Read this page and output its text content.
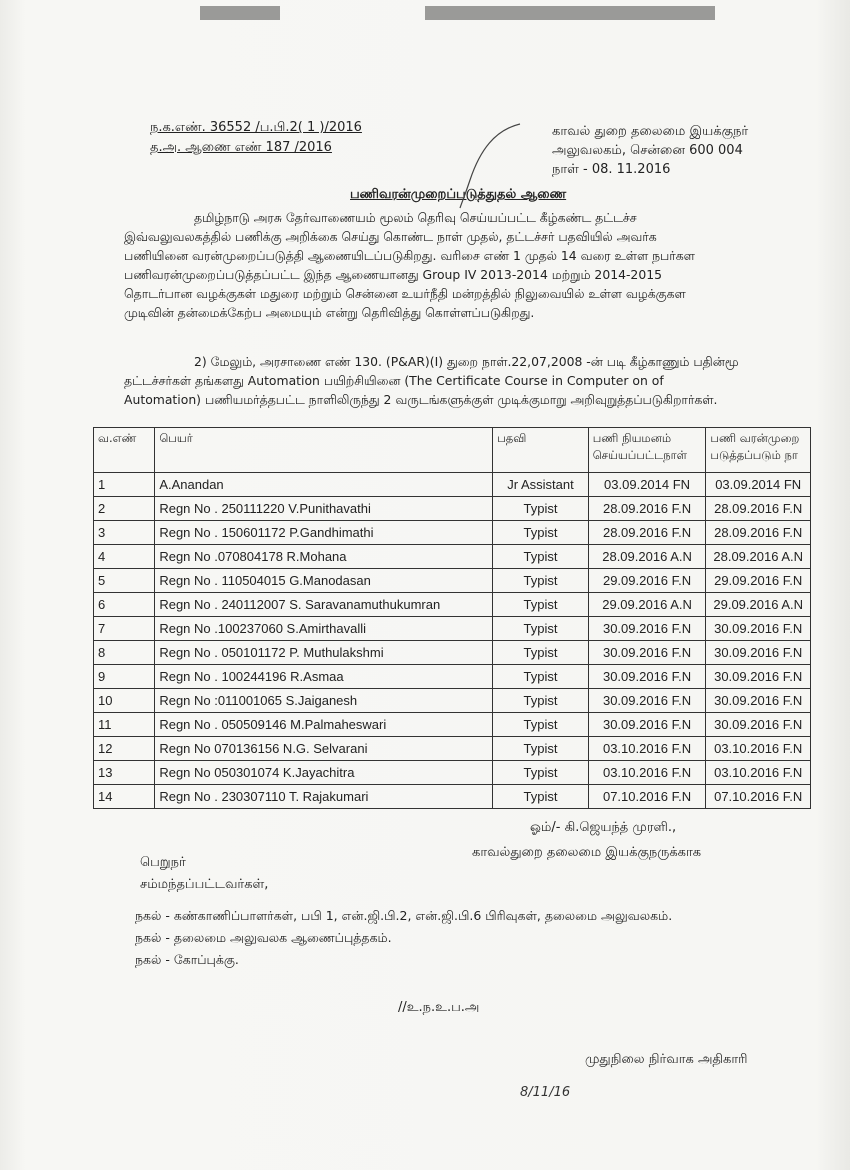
ந.க.எண். 36552 /ப.பி.2( 1 )/2016
த.அ. ஆணை எண் 187 /2016
காவல் துறை தலைமை இயக்குநர்
அலுவலகம், சென்னை 600 004
நாள் - 08. 11.2016
பணிவரன்முறைப்படுத்துதல் ஆணை

தமிழ்நாடு அரசு தேர்வாணையம் மூலம் தெரிவு செய்யப்பட்ட கீழ்கண்ட தட்டச்ச

இவ்வலுவலகத்தில் பணிக்கு அறிக்கை செய்து கொண்ட நாள் முதல், தட்டச்சர் பதவியில் அவர்க

பணியினை வரன்முறைப்படுத்தி ஆணையிடப்படுகிறது. வரிசை எண் 1 முதல் 14 வரை உள்ள நபர்கள

பணிவரன்முறைப்படுத்தப்பட்ட இந்த ஆணையானது Group IV 2013-2014 மற்றும் 2014-2015

தொடர்பான வழக்குகள் மதுரை மற்றும் சென்னை உயர்நீதி மன்றத்தில் நிலுவையில் உள்ள வழக்குகள

முடிவின் தன்மைக்கேற்ப அமையும் என்று தெரிவித்து கொள்ளப்படுகிறது.

2) மேலும், அரசாணை எண் 130. (P&AR)(I) துறை நாள்.22,07,2008 -ன் படி கீழ்காணும் பதின்மூ

தட்டச்சர்கள் தங்களது Automation பயிற்சியினை (The Certificate Course in Computer on of

Automation) பணியமர்த்தபட்ட நாளிலிருந்து 2 வருடங்களுக்குள் முடிக்குமாறு அறிவுறுத்தப்படுகிறார்கள்.

வ.எண்	பெயர்	பதவி	பணி நியமனம் செய்யப்பட்டநாள்	பணி வரன்முறை படுத்தப்படும் நா
1	A.Anandan	Jr Assistant	03.09.2014 FN	03.09.2014 FN
2	Regn No . 250111220 V.Punithavathi	Typist	28.09.2016 F.N	28.09.2016 F.N
3	Regn No . 150601172 P.Gandhimathi	Typist	28.09.2016 F.N	28.09.2016 F.N
4	Regn No .070804178 R.Mohana	Typist	28.09.2016 A.N	28.09.2016 A.N
5	Regn No . 110504015 G.Manodasan	Typist	29.09.2016 F.N	29.09.2016 F.N
6	Regn No . 240112007 S. Saravanamuthukumran	Typist	29.09.2016 A.N	29.09.2016 A.N
7	Regn No .100237060 S.Amirthavalli	Typist	30.09.2016 F.N	30.09.2016 F.N
8	Regn No . 050101172 P. Muthulakshmi	Typist	30.09.2016 F.N	30.09.2016 F.N
9	Regn No . 100244196 R.Asmaa	Typist	30.09.2016 F.N	30.09.2016 F.N
10	Regn No :011001065 S.Jaiganesh	Typist	30.09.2016 F.N	30.09.2016 F.N
11	Regn No . 050509146 M.Palmaheswari	Typist	30.09.2016 F.N	30.09.2016 F.N
12	Regn No 070136156 N.G. Selvarani	Typist	03.10.2016 F.N	03.10.2016 F.N
13	Regn No 050301074 K.Jayachitra	Typist	03.10.2016 F.N	03.10.2016 F.N
14	Regn No . 230307110 T. Rajakumari	Typist	07.10.2016 F.N	07.10.2016 F.N
ஓம்/- கி.ஜெயந்த் முரளி.,
காவல்துறை தலைமை இயக்குநருக்காக
பெறுநர்
சம்மந்தப்பட்டவர்கள்,
நகல் - கண்காணிப்பாளர்கள், பபி 1, என்.ஜி.பி.2, என்.ஜி.பி.6 பிரிவுகள், தலைமை அலுவலகம்.
நகல் - தலைமை அலுவலக ஆணைப்புத்தகம்.
நகல் - கோப்புக்கு.
//உ.ந.உ.ப.அ
முதுநிலை நிர்வாக அதிகாரி
8/11/16
